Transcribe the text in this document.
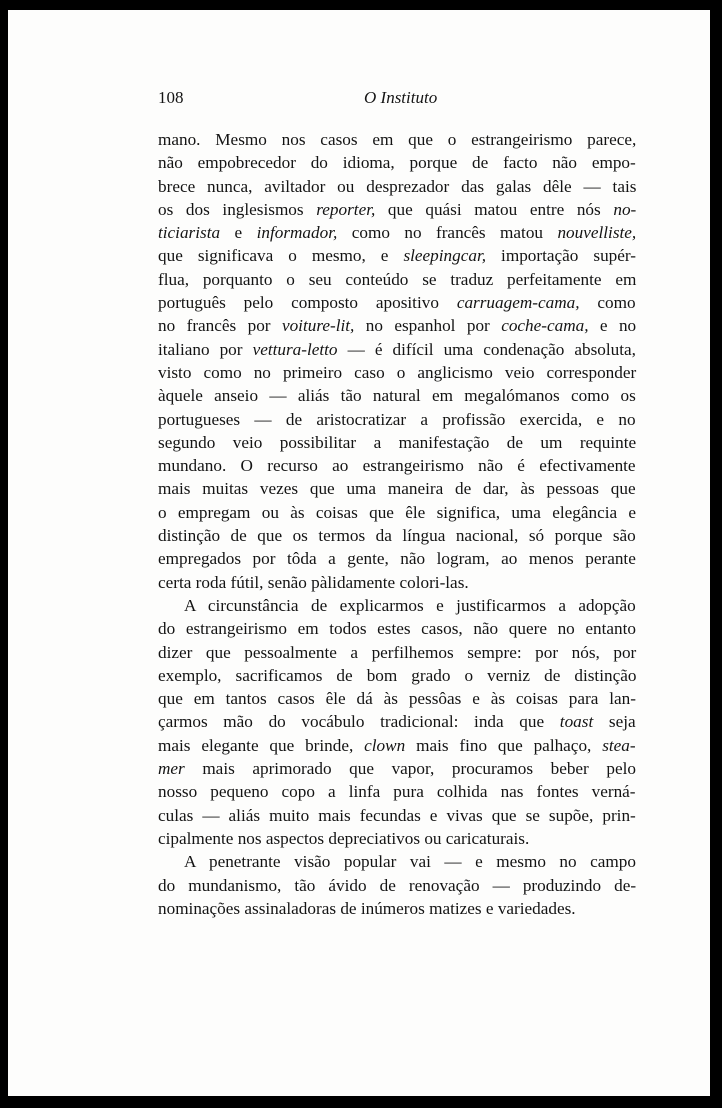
108	O Instituto
mano. Mesmo nos casos em que o estrangeirismo parece,
não empobrecedor do idioma, porque de facto não empo-
brece nunca, aviltador ou desprezador das galas dêle — tais
os dos inglesismos reporter, que quási matou entre nós no-
ticiarista e informador, como no francês matou nouvelliste,
que significava o mesmo, e sleepingcar, importação supér-
flua, porquanto o seu conteúdo se traduz perfeitamente em
português pelo composto apositivo carruagem-cama, como
no francês por voiture-lit, no espanhol por coche-cama, e no
italiano por vettura-letto — é difícil uma condenação absoluta,
visto como no primeiro caso o anglicismo veio corresponder
àquele anseio — aliás tão natural em megalómanos como os
portugueses — de aristocratizar a profissão exercida, e no
segundo veio possibilitar a manifestação de um requinte
mundano. O recurso ao estrangeirismo não é efectivamente
mais muitas vezes que uma maneira de dar, às pessoas que
o empregam ou às coisas que êle significa, uma elegância e
distinção de que os termos da língua nacional, só porque são
empregados por tôda a gente, não logram, ao menos perante
certa roda fútil, senão pàlidamente colori-las.
A circunstância de explicarmos e justificarmos a adopção
do estrangeirismo em todos estes casos, não quere no entanto
dizer que pessoalmente a perfilhemos sempre: por nós, por
exemplo, sacrificamos de bom grado o verniz de distinção
que em tantos casos êle dá às pessôas e às coisas para lan-
çarmos mão do vocábulo tradicional: inda que toast seja
mais elegante que brinde, clown mais fino que palhaço, stea-
mer mais aprimorado que vapor, procuramos beber pelo
nosso pequeno copo a linfa pura colhida nas fontes verná-
culas — aliás muito mais fecundas e vivas que se supõe, prin-
cipalmente nos aspectos depreciativos ou caricaturais.
A penetrante visão popular vai — e mesmo no campo
do mundanismo, tão ávido de renovação — produzindo de-
nominações assinaladoras de inúmeros matizes e variedades.
